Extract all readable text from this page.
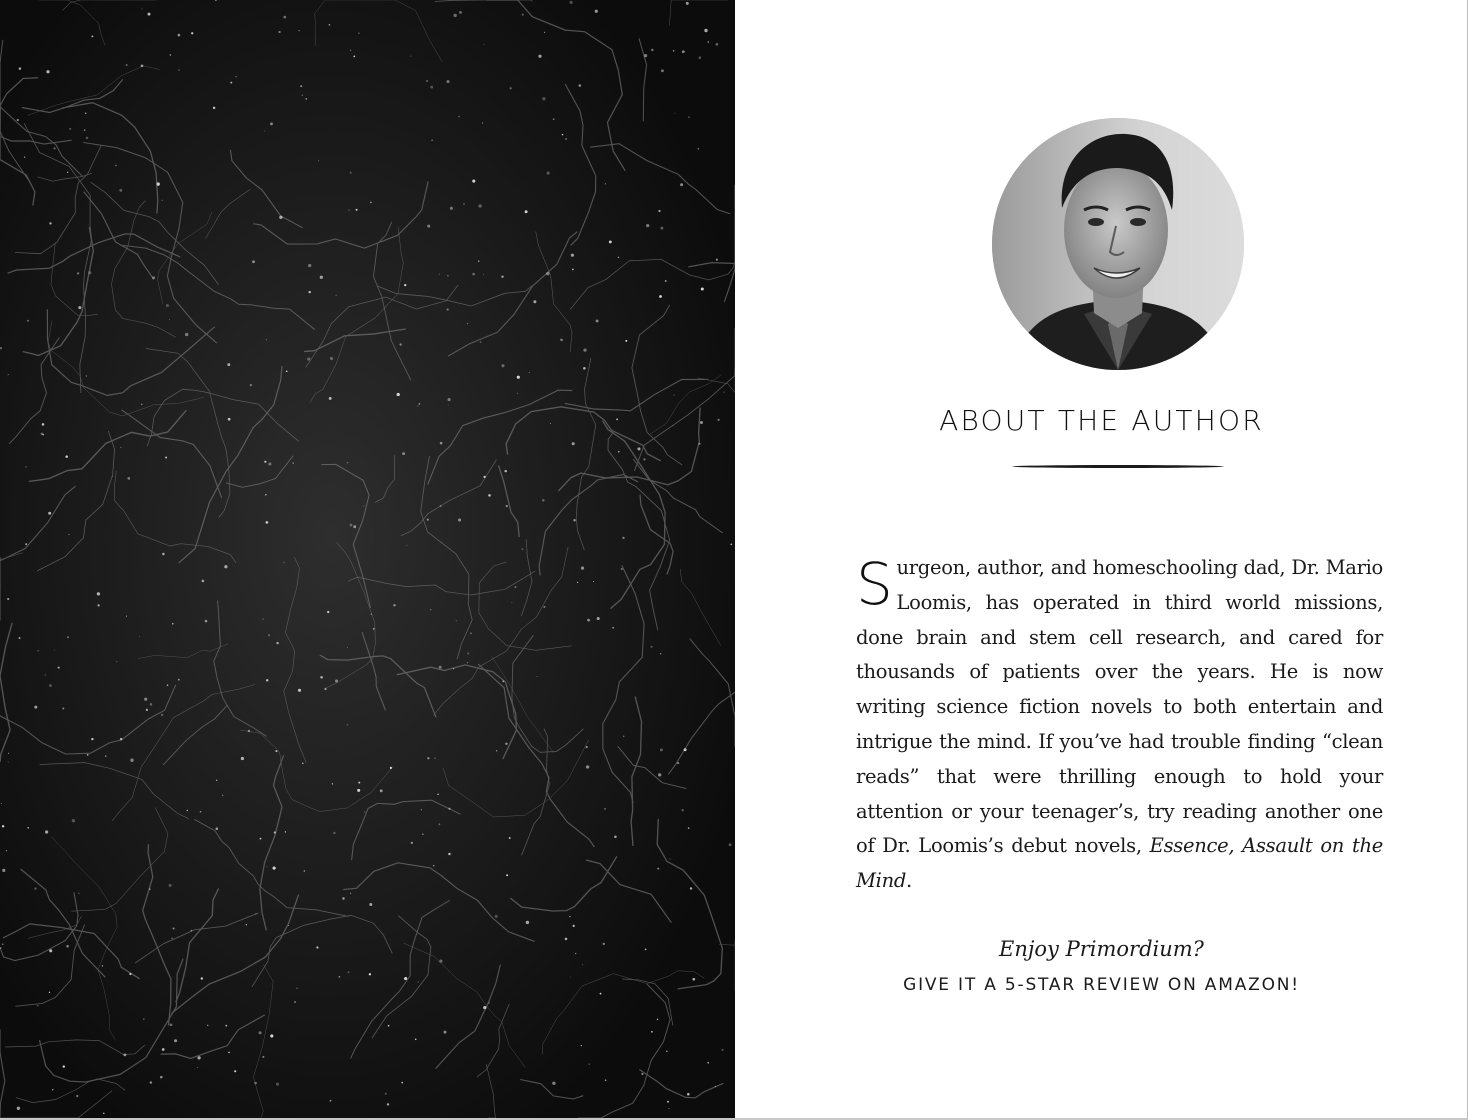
ABOUT THE AUTHOR
Surgeon, author, and homeschooling dad, Dr. Mario Loomis, has operated in third world missions, done brain and stem cell research, and cared for thousands of patients over the years. He is now writing science fiction novels to both entertain and intrigue the mind. If you’ve had trouble finding “clean reads” that were thrilling enough to hold your attention or your teenager’s, try reading another one of Dr. Loomis’s debut novels, Essence, Assault on the Mind.
Enjoy Primordium?
GIVE IT A 5-STAR REVIEW ON AMAZON!
